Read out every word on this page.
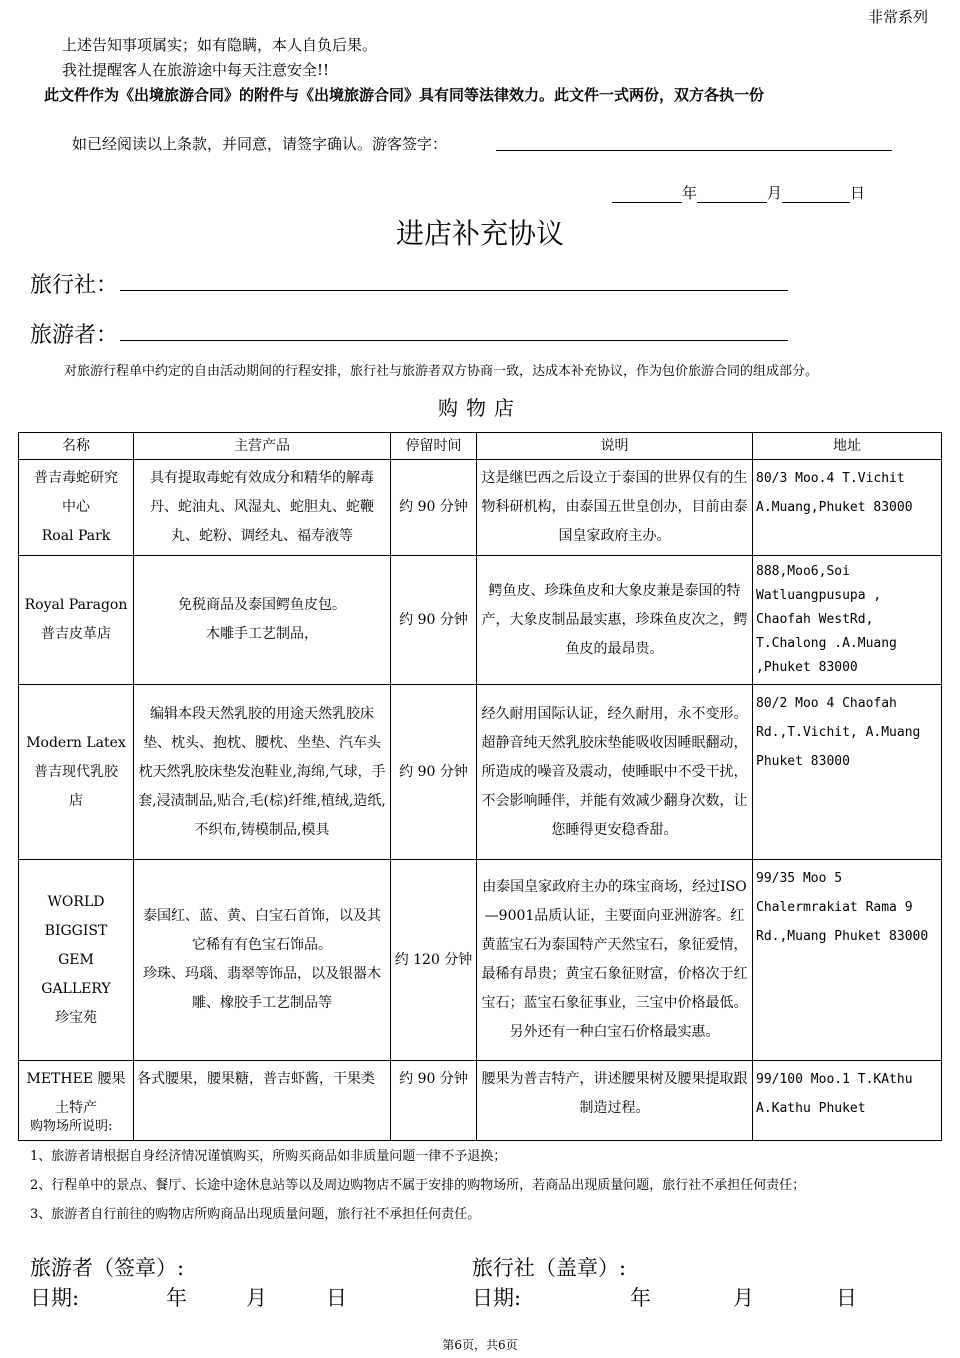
非常系列
上述告知事项属实；如有隐瞒，本人自负后果。
我社提醒客人在旅游途中每天注意安全!!
此文件作为《出境旅游合同》的附件与《出境旅游合同》具有同等法律效力。此文件一式两份，双方各执一份
如已经阅读以上条款，并同意，请签字确认。游客签字：
年	月	日
进店补充协议
旅行社：
旅游者：
对旅游行程单中约定的自由活动期间的行程安排，旅行社与旅游者双方协商一致，达成本补充协议，作为包价旅游合同的组成部分。
购物店
名称	主营产品	停留时间	说明	地址
普吉毒蛇研究
中心
Roal Park	具有提取毒蛇有效成分和精华的解毒丹、蛇油丸、风湿丸、蛇胆丸、蛇鞭丸、蛇粉、调经丸、福寿液等	约 90 分钟	这是继巴西之后设立于泰国的世界仅有的生物科研机构，由泰国五世皇创办，目前由泰国皇家政府主办。	80/3 Moo.4 T.Vichit A.Muang,Phuket 83000
Royal Paragon
普吉皮革店	免税商品及泰国鳄鱼皮包。
木雕手工艺制品，	约 90 分钟	鳄鱼皮、珍珠鱼皮和大象皮兼是泰国的特产，大象皮制品最实惠，珍珠鱼皮次之，鳄鱼皮的最昂贵。	888,Moo6,Soi Watluangpusupa , Chaofah WestRd, T.Chalong .A.Muang ,Phuket 83000
Modern Latex
普吉现代乳胶
店	编辑本段天然乳胶的用途天然乳胶床垫、枕头、抱枕、腰枕、坐垫、汽车头枕天然乳胶床垫发泡鞋业,海绵,气球，手套,浸渍制品,贴合,毛(棕)纤维,植绒,造纸,不织布,铸模制品,模具	约 90 分钟	经久耐用国际认证，经久耐用，永不变形。超静音纯天然乳胶床垫能吸收因睡眠翻动，所造成的噪音及震动，使睡眠中不受干扰，不会影响睡伴，并能有效减少翻身次数，让您睡得更安稳香甜。	80/2 Moo 4 Chaofah Rd.,T.Vichit, A.Muang Phuket 83000
WORLD BIGGIST
GEM GALLERY
珍宝苑	泰国红、蓝、黄、白宝石首饰，以及其它稀有有色宝石饰品。
珍珠、玛瑙、翡翠等饰品，以及银器木雕、橡胶手工艺制品等	约 120 分钟	由泰国皇家政府主办的珠宝商场，经过ISO—9001品质认证，主要面向亚洲游客。红黄蓝宝石为泰国特产天然宝石，象征爱情，最稀有昂贵；黄宝石象征财富，价格次于红宝石；蓝宝石象征事业，三宝中价格最低。另外还有一种白宝石价格最实惠。	99/35 Moo 5 Chalermrakiat Rama 9 Rd.,Muang Phuket 83000
METHEE 腰果
土特产	各式腰果，腰果糖，普吉虾酱，干果类	约 90 分钟	腰果为普吉特产，讲述腰果树及腰果提取跟制造过程。	99/100 Moo.1 T.KAthu A.Kathu Phuket
购物场所说明:
1、旅游者请根据自身经济情况谨慎购买，所购买商品如非质量问题一律不予退换；
2、行程单中的景点、餐厅、长途中途休息站等以及周边购物店不属于安排的购物场所，若商品出现质量问题，旅行社不承担任何责任；
3、旅游者自行前往的购物店所购商品出现质量问题，旅行社不承担任何责任。
旅游者（签章）:	旅行社（盖章）:
日期:	年	月	日	日期:	年	月	日
第6页，共6页
